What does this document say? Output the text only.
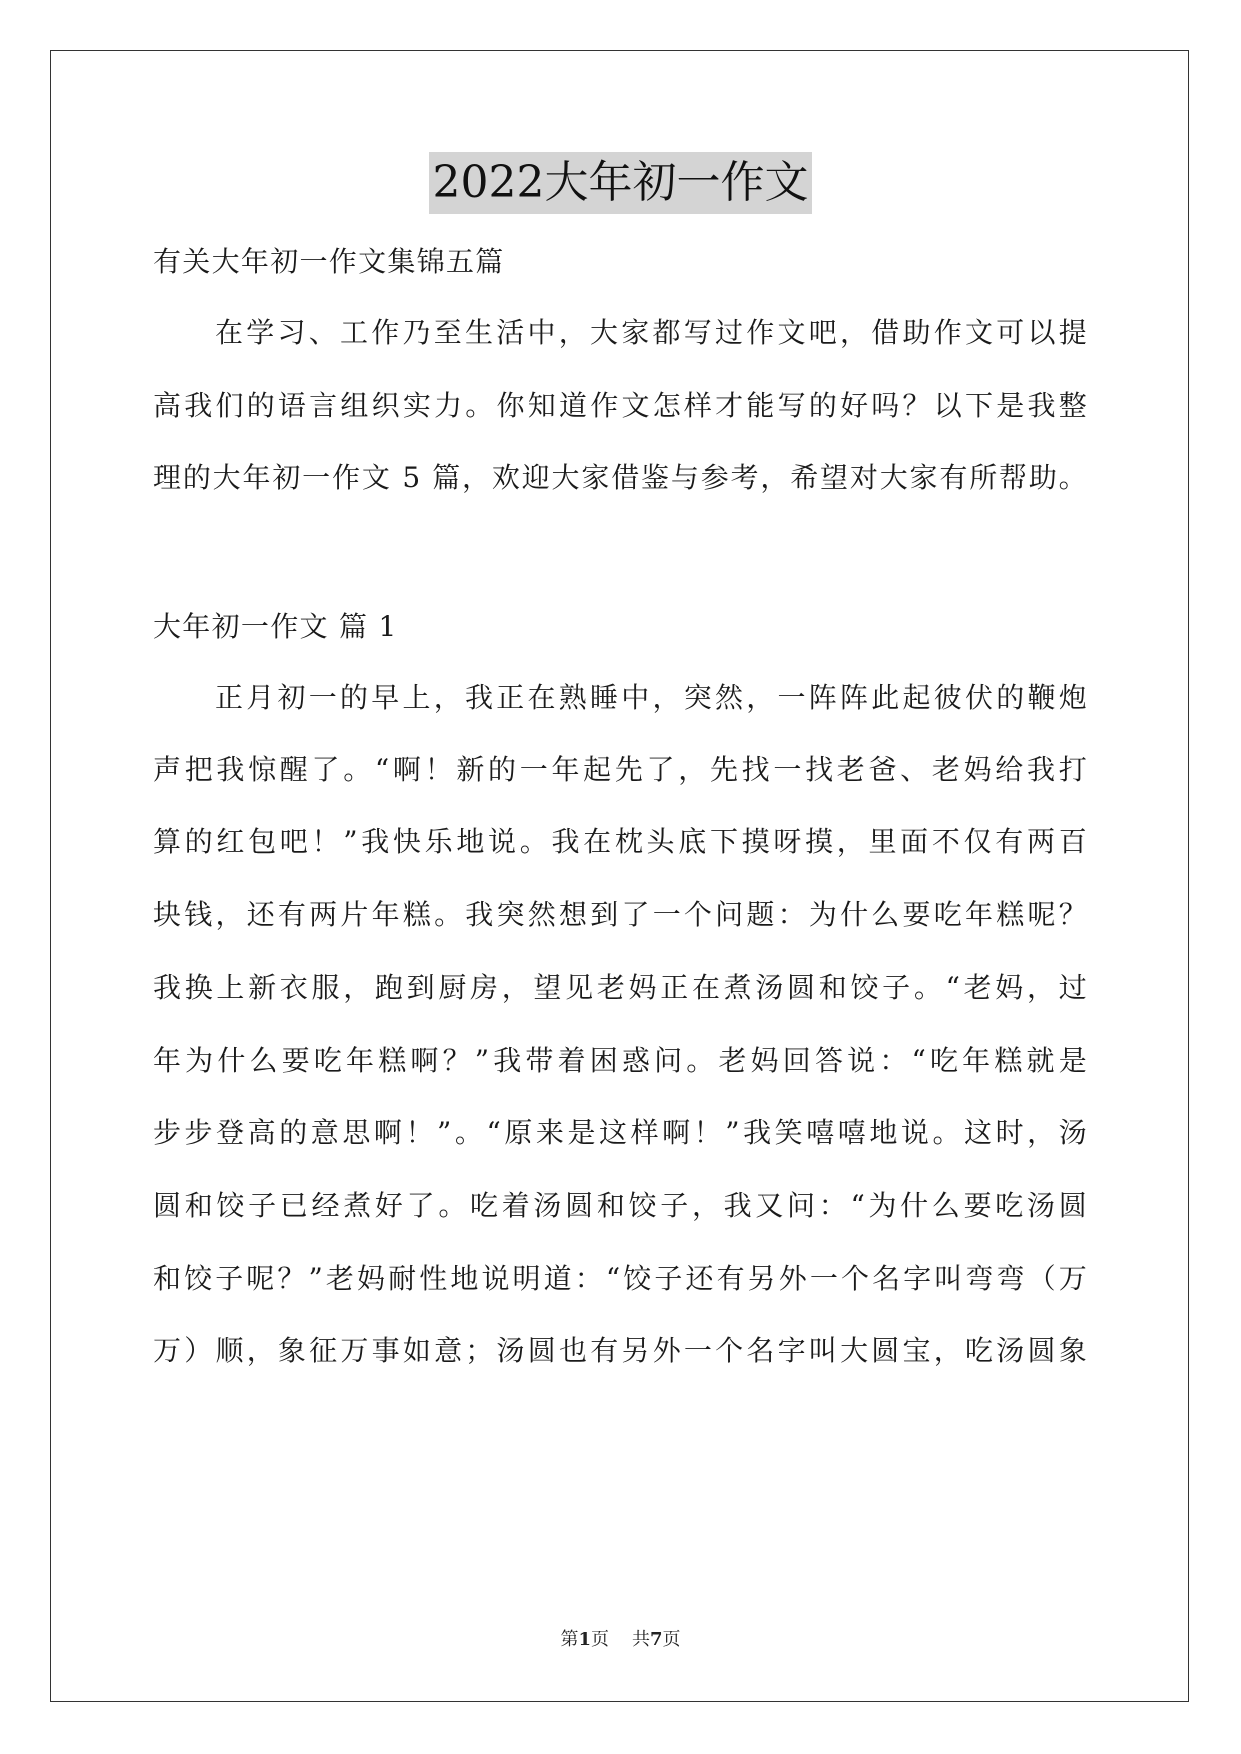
2022大年初一作文
有关大年初一作文集锦五篇
在学习、工作乃至生活中，大家都写过作文吧，借助作文可以提
高我们的语言组织实力。你知道作文怎样才能写的好吗？以下是我整
理的大年初一作文 5 篇，欢迎大家借鉴与参考，希望对大家有所帮助。
大年初一作文 篇 1
正月初一的早上，我正在熟睡中，突然，一阵阵此起彼伏的鞭炮
声把我惊醒了。“啊！新的一年起先了，先找一找老爸、老妈给我打
算的红包吧！”我快乐地说。我在枕头底下摸呀摸，里面不仅有两百
块钱，还有两片年糕。我突然想到了一个问题：为什么要吃年糕呢？
我换上新衣服，跑到厨房，望见老妈正在煮汤圆和饺子。“老妈，过
年为什么要吃年糕啊？”我带着困惑问。老妈回答说：“吃年糕就是
步步登高的意思啊！”。“原来是这样啊！”我笑嘻嘻地说。这时，汤
圆和饺子已经煮好了。吃着汤圆和饺子，我又问：“为什么要吃汤圆
和饺子呢？”老妈耐性地说明道：“饺子还有另外一个名字叫弯弯（万
万）顺，象征万事如意；汤圆也有另外一个名字叫大圆宝，吃汤圆象
第1页 共7页
